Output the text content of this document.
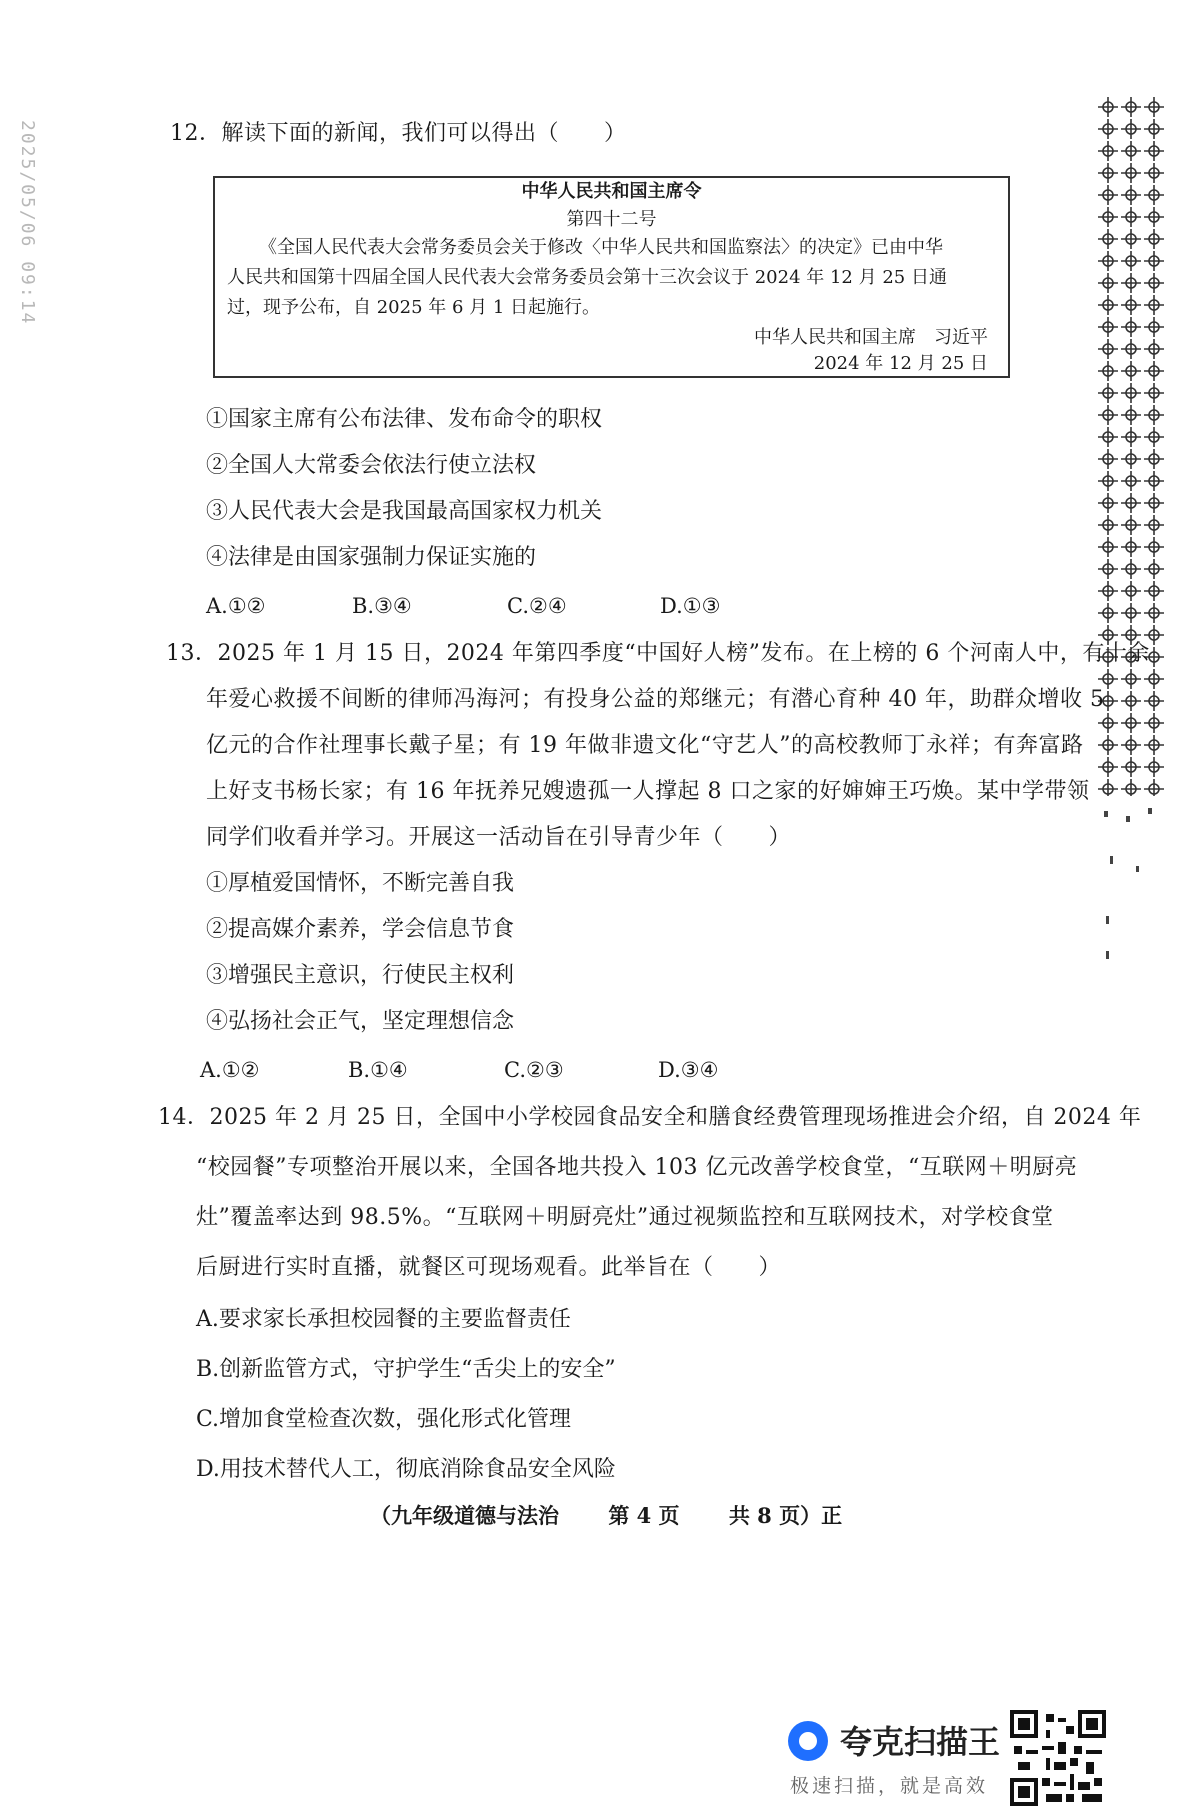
2025/05/06 09:14	12．解读下面的新闻，我们可以得出（　　）
中华人民共和国主席令
第四十二号
《全国人民代表大会常务委员会关于修改〈中华人民共和国监察法〉的决定》已由中华
人民共和国第十四届全国人民代表大会常务委员会第十三次会议于 2024 年 12 月 25 日通
过，现予公布，自 2025 年 6 月 1 日起施行。
中华人民共和国主席　习近平
2024 年 12 月 25 日
①国家主席有公布法律、发布命令的职权
②全国人大常委会依法行使立法权
③人民代表大会是我国最高国家权力机关
④法律是由国家强制力保证实施的
A.①②	B.③④	C.②④	D.①③
13．2025 年 1 月 15 日，2024 年第四季度“中国好人榜”发布。在上榜的 6 个河南人中，有十余
年爱心救援不间断的律师冯海河；有投身公益的郑继元；有潜心育种 40 年，助群众增收 5
亿元的合作社理事长戴子星；有 19 年做非遗文化“守艺人”的高校教师丁永祥；有奔富路
上好支书杨长家；有 16 年抚养兄嫂遗孤一人撑起 8 口之家的好婶婶王巧焕。某中学带领
同学们收看并学习。开展这一活动旨在引导青少年（　　）
①厚植爱国情怀，不断完善自我
②提高媒介素养，学会信息节食
③增强民主意识，行使民主权利
④弘扬社会正气，坚定理想信念
A.①②	B.①④	C.②③	D.③④
14．2025 年 2 月 25 日，全国中小学校园食品安全和膳食经费管理现场推进会介绍，自 2024 年
“校园餐”专项整治开展以来，全国各地共投入 103 亿元改善学校食堂，“互联网＋明厨亮
灶”覆盖率达到 98.5%。“互联网＋明厨亮灶”通过视频监控和互联网技术，对学校食堂
后厨进行实时直播，就餐区可现场观看。此举旨在（　　）
A.要求家长承担校园餐的主要监督责任
B.创新监管方式，守护学生“舌尖上的安全”
C.增加食堂检查次数，强化形式化管理
D.用技术替代人工，彻底消除食品安全风险
（九年级道德与法治 第 4 页 共 8 页）正
夸克扫描王
极速扫描，就是高效
